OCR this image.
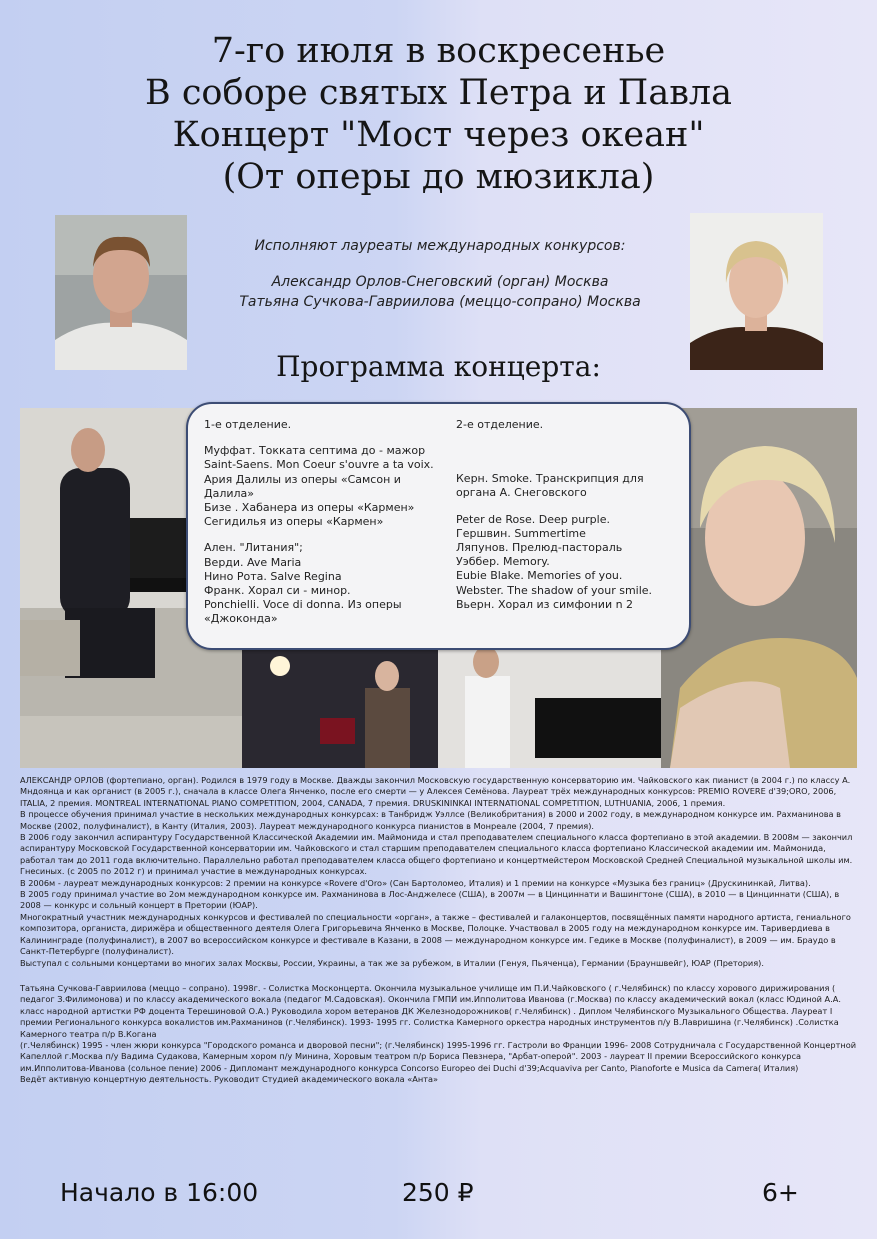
7-го июля в воскресенье
В соборе святых Петра и Павла
Концерт "Мост через океан"
(От оперы до мюзикла)
Исполняют лауреаты международных конкурсов:
Александр Орлов-Снеговский (орган) Москва
Татьяна Сучкова-Гавриилова (меццо-сопрано) Москва
Программа концерта:
1-е отделение.
Муффат. Токката септима до - мажор
Saint-Saens. Mon Coeur s'ouvre a ta voix. Ария Далилы из оперы «Самсон и Далила»
Бизе . Хабанера из оперы «Кармен»
Сегидилья из оперы «Кармен»
Ален. "Литания";
Верди. Ave Maria
Нино Рота. Salve Regina
Франк. Хорал си - минор.
Ponchielli. Voce di donna. Из оперы «Джоконда»
2-е отделение.
Керн. Smoke. Транскрипция для органа А. Снеговского
Peter de Rose. Deep purple.
Гершвин. Summertime
Ляпунов. Прелюд-пастораль
Уэббер. Memory.
Eubie Blake. Memories of you.
Webster. The shadow of your smile.
Вьерн. Хорал из симфонии n 2

АЛЕКСАНДР ОРЛОВ (фортепиано, орган). Родился в 1979 году в Москве. Дважды закончил Московскую государственную консерваторию им. Чайковского как пианист (в 2004 г.) по классу А. Мндоянца и как органист (в 2005 г.), сначала в классе Олега Янченко, после его смерти — у Алексея Семёнова. Лауреат трёх международных конкурсов: PREMIO ROVERE d'39;ORO, 2006, ITALIA, 2 премия. MONTREAL INTERNATIONAL PIANO COMPETITION, 2004, CANADA, 7 премия. DRUSKININKAI INTERNATIONAL COMPETITION, LUTHUANIA, 2006, 1 премия.

В процессе обучения принимал участие в нескольких международных конкурсах: в Танбридж Уэллсе (Великобритания) в 2000 и 2002 году, в международном конкурсе им. Рахманинова в Москве (2002, полуфиналист), в Кантy (Италия, 2003). Лауреат международного конкурса пианистов в Монреале (2004, 7 премия).

В 2006 году закончил аспирантуру Государственной Классической Академии им. Маймонида и стал преподавателем специального класса фортепиано в этой академии. В 2008м — закончил аспирантуру Московской Государственной консерватории им. Чайковского и стал старшим преподавателем специального класса фортепиано Классической академии им. Маймонида, работал там до 2011 года включительно. Параллельно работал преподавателем класса общего фортепиано и концертмейстером Московской Средней Специальной музыкальной школы им. Гнесиных. (с 2005 по 2012 г) и принимал участие в международных конкурсах.

В 2006м - лауреат международных конкурсов: 2 премии на конкурсе «Rovere d'Oro» (Сан Бартоломео, Италия) и 1 премии на конкурсе «Музыка без границ» (Друскининкай, Литва).

В 2005 году принимал участие во 2ом международном конкурсе им. Рахманинова в Лос-Анджелесе (США), в 2007м — в Цинциннати и Вашингтоне (США), в 2010 — в Цинциннати (США), в 2008 — конкурс и сольный концерт в Претории (ЮАР).

Многократный участник международных конкурсов и фестивалей по специальности «орган», а также – фестивалей и галаконцертов, посвящённых памяти народного артиста, гениального композитора, органиста, дирижёра и общественного деятеля Олега Григорьевича Янченко в Москве, Полоцке. Участвовал в 2005 году на международном конкурсе им. Таривердиева в Калининграде (полуфиналист), в 2007 во всероссийском конкурсе и фестивале в Казани, в 2008 — международном конкурсе им. Гедике в Москве (полуфиналист), в 2009 — им. Браудо в Санкт-Петербурге (полуфиналист).

Выступал с сольными концертами во многих залах Москвы, России, Украины, а так же за рубежом, в Италии (Генуя, Пьяченца), Германии (Брауншвейг), ЮАР (Претория).

Татьяна Сучкова-Гавриилова (меццо – сопрано). 1998г. - Солистка Москонцерта. Окончила музыкальное училище им П.И.Чайковского ( г.Челябинск) по классу хорового дирижирования ( педагог З.Филимонова) и по классу академического вокала (педагог М.Садовская). Окончила ГМПИ им.Ипполитова Иванова (г.Москва) по классу академический вокал (класс Юдиной А.А. класс народной артистки РФ доцента Терешиновой О.А.) Руководила хором ветеранов ДК Железнодорожников( г.Челябинск) . Диплом Челябинского Музыкального Общества. Лауреат I премии Регионального конкурса вокалистов им.Рахманинов (г.Челябинск). 1993- 1995 гг. Солистка Камерного оркестра народных инструментов п/у В.Лавришина (г.Челябинск) .Солистка Камерного театра п/р В.Когана

(г.Челябинск) 1995 - член жюри конкурса "Городского романса и дворовой песни"; (г.Челябинск) 1995-1996 гг. Гастроли во Франции 1996- 2008 Сотрудничала с Государственной Концертной Капеллой г.Москва п/у Вадима Судакова, Камерным хором п/у Минина, Хоровым театром п/р Бориса Певзнера, "Арбат-оперой". 2003 - лауреат II премии Всероссийского конкурса им.Ипполитова-Иванова (сольное пение) 2006 - Дипломант международного конкурса Concorso Europeo dei Duchi d'39;Acquaviva per Canto, Pianoforte e Musica da Camera( Италия)

Ведёт активную концертную деятельность. Руководит Студией академического вокала «Анта»

Начало в 16:00	250 ₽	6+
